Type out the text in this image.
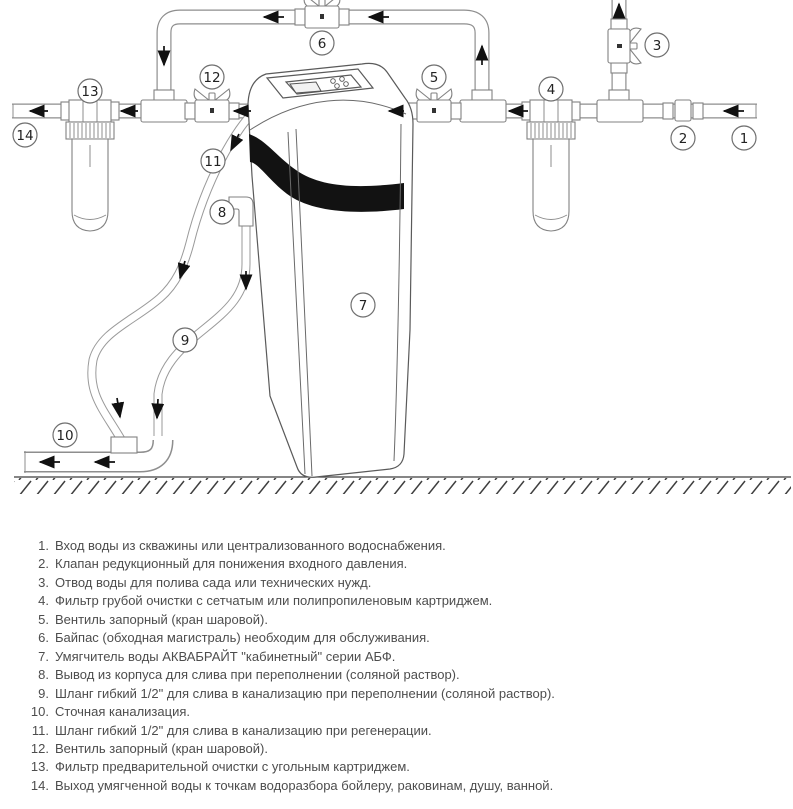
1
2
3
4
5
6
7
8
9
10
11
12
13
14
1. Вход воды из скважины или централизованного водоснабжения.
2. Клапан редукционный для понижения входного давления.
3. Отвод воды для полива сада или технических нужд.
4. Фильтр грубой очистки с сетчатым или полипропиленовым картриджем.
5. Вентиль запорный (кран шаровой).
6. Байпас (обходная магистраль) необходим для обслуживания.
7. Умягчитель воды АКВАБРАЙТ "кабинетный" серии АБФ.
8. Вывод из корпуса для слива при переполнении (соляной раствор).
9. Шланг гибкий 1/2" для слива в канализацию при переполнении (соляной раствор).
10. Сточная канализация.
11. Шланг гибкий 1/2" для слива в канализацию при регенерации.
12. Вентиль запорный (кран шаровой).
13. Фильтр предварительной очистки с угольным картриджем.
14. Выход умягченной воды к точкам водоразбора бойлеру, раковинам, душу, ванной.
